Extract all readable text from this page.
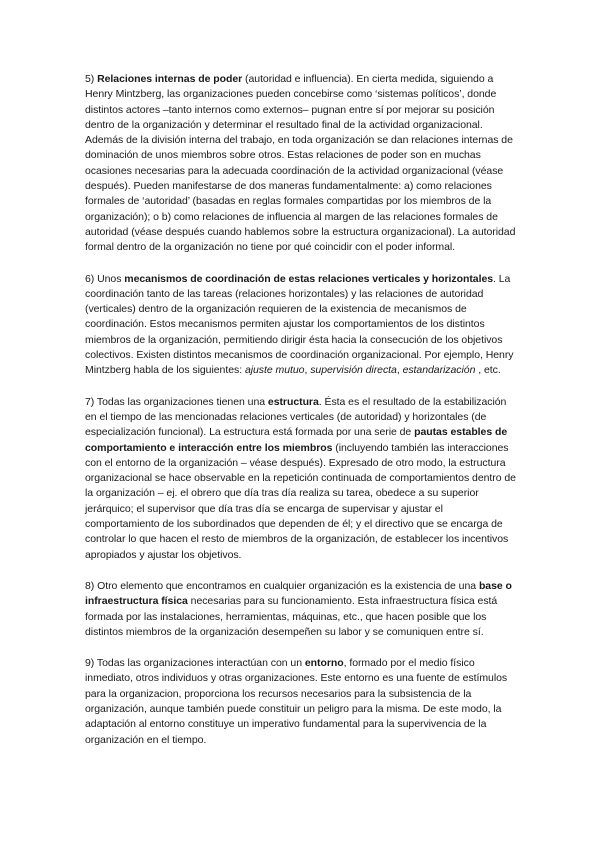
5) Relaciones internas de poder (autoridad e influencia). En cierta medida, siguiendo a Henry Mintzberg, las organizaciones pueden concebirse como ‘sistemas políticos’, donde distintos actores –tanto internos como externos– pugnan entre sí por mejorar su posición dentro de la organización y determinar el resultado final de la actividad organizacional. Además de la división interna del trabajo, en toda organización se dan relaciones internas de dominación de unos miembros sobre otros. Estas relaciones de poder son en muchas ocasiones necesarias para la adecuada coordinación de la actividad organizacional (véase después). Pueden manifestarse de dos maneras fundamentalmente: a) como relaciones formales de ‘autoridad’ (basadas en reglas formales compartidas por los miembros de la organización); o b) como relaciones de influencia al margen de las relaciones formales de autoridad (véase después cuando hablemos sobre la estructura organizacional). La autoridad formal dentro de la organización no tiene por qué coincidir con el poder informal.

6) Unos mecanismos de coordinación de estas relaciones verticales y horizontales. La coordinación tanto de las tareas (relaciones horizontales) y las relaciones de autoridad (verticales) dentro de la organización requieren de la existencia de mecanismos de coordinación. Estos mecanismos permiten ajustar los comportamientos de los distintos miembros de la organización, permitiendo dirigir ésta hacia la consecución de los objetivos colectivos. Existen distintos mecanismos de coordinación organizacional. Por ejemplo, Henry Mintzberg habla de los siguientes: ajuste mutuo, supervisión directa, estandarización , etc.

7) Todas las organizaciones tienen una estructura. Ésta es el resultado de la estabilización en el tiempo de las mencionadas relaciones verticales (de autoridad) y horizontales (de especialización funcional). La estructura está formada por una serie de pautas estables de comportamiento e interacción entre los miembros (incluyendo también las interacciones con el entorno de la organización – véase después). Expresado de otro modo, la estructura organizacional se hace observable en la repetición continuada de comportamientos dentro de la organización – ej. el obrero que día tras día realiza su tarea, obedece a su superior jerárquico; el supervisor que día tras día se encarga de supervisar y ajustar el comportamiento de los subordinados que dependen de él; y el directivo que se encarga de controlar lo que hacen el resto de miembros de la organización, de establecer los incentivos apropiados y ajustar los objetivos.

8) Otro elemento que encontramos en cualquier organización es la existencia de una base o infraestructura física necesarias para su funcionamiento. Esta infraestructura física está formada por las instalaciones, herramientas, máquinas, etc., que hacen posible que los distintos miembros de la organización desempeñen su labor y se comuniquen entre sí.

9) Todas las organizaciones interactúan con un entorno, formado por el medio físico inmediato, otros individuos y otras organizaciones. Este entorno es una fuente de estímulos para la organizacion, proporciona los recursos necesarios para la subsistencia de la organización, aunque también puede constituir un peligro para la misma. De este modo, la adaptación al entorno constituye un imperativo fundamental para la supervivencia de la organización en el tiempo.
